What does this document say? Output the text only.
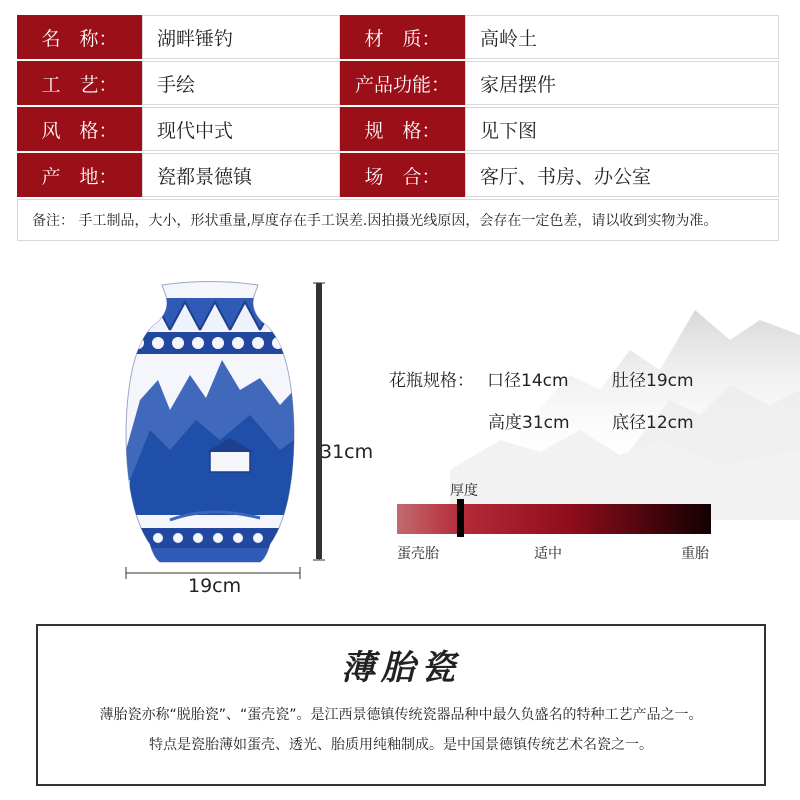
名　称：	湖畔锤钓	材　质：	高岭土
工　艺：	手绘	产品功能：	家居摆件
风　格：	现代中式	规　格：	见下图
产　地：	瓷都景德镇	场　合：	客厅、书房、办公室
备注： 手工制品，大小，形状重量,厚度存在手工误差.因拍摄光线原因，会存在一定色差，请以收到实物为准。
31cm
19cm
花瓶规格： 口径14cm	肚径19cm
高度31cm 底径12cm
厚度
蛋壳胎	适中	重胎
薄胎瓷
薄胎瓷亦称“脱胎瓷”、“蛋壳瓷”。是江西景德镇传统瓷器品种中最久负盛名的特种工艺产品之一。
特点是瓷胎薄如蛋壳、透光、胎质用纯釉制成。是中国景德镇传统艺术名瓷之一。
